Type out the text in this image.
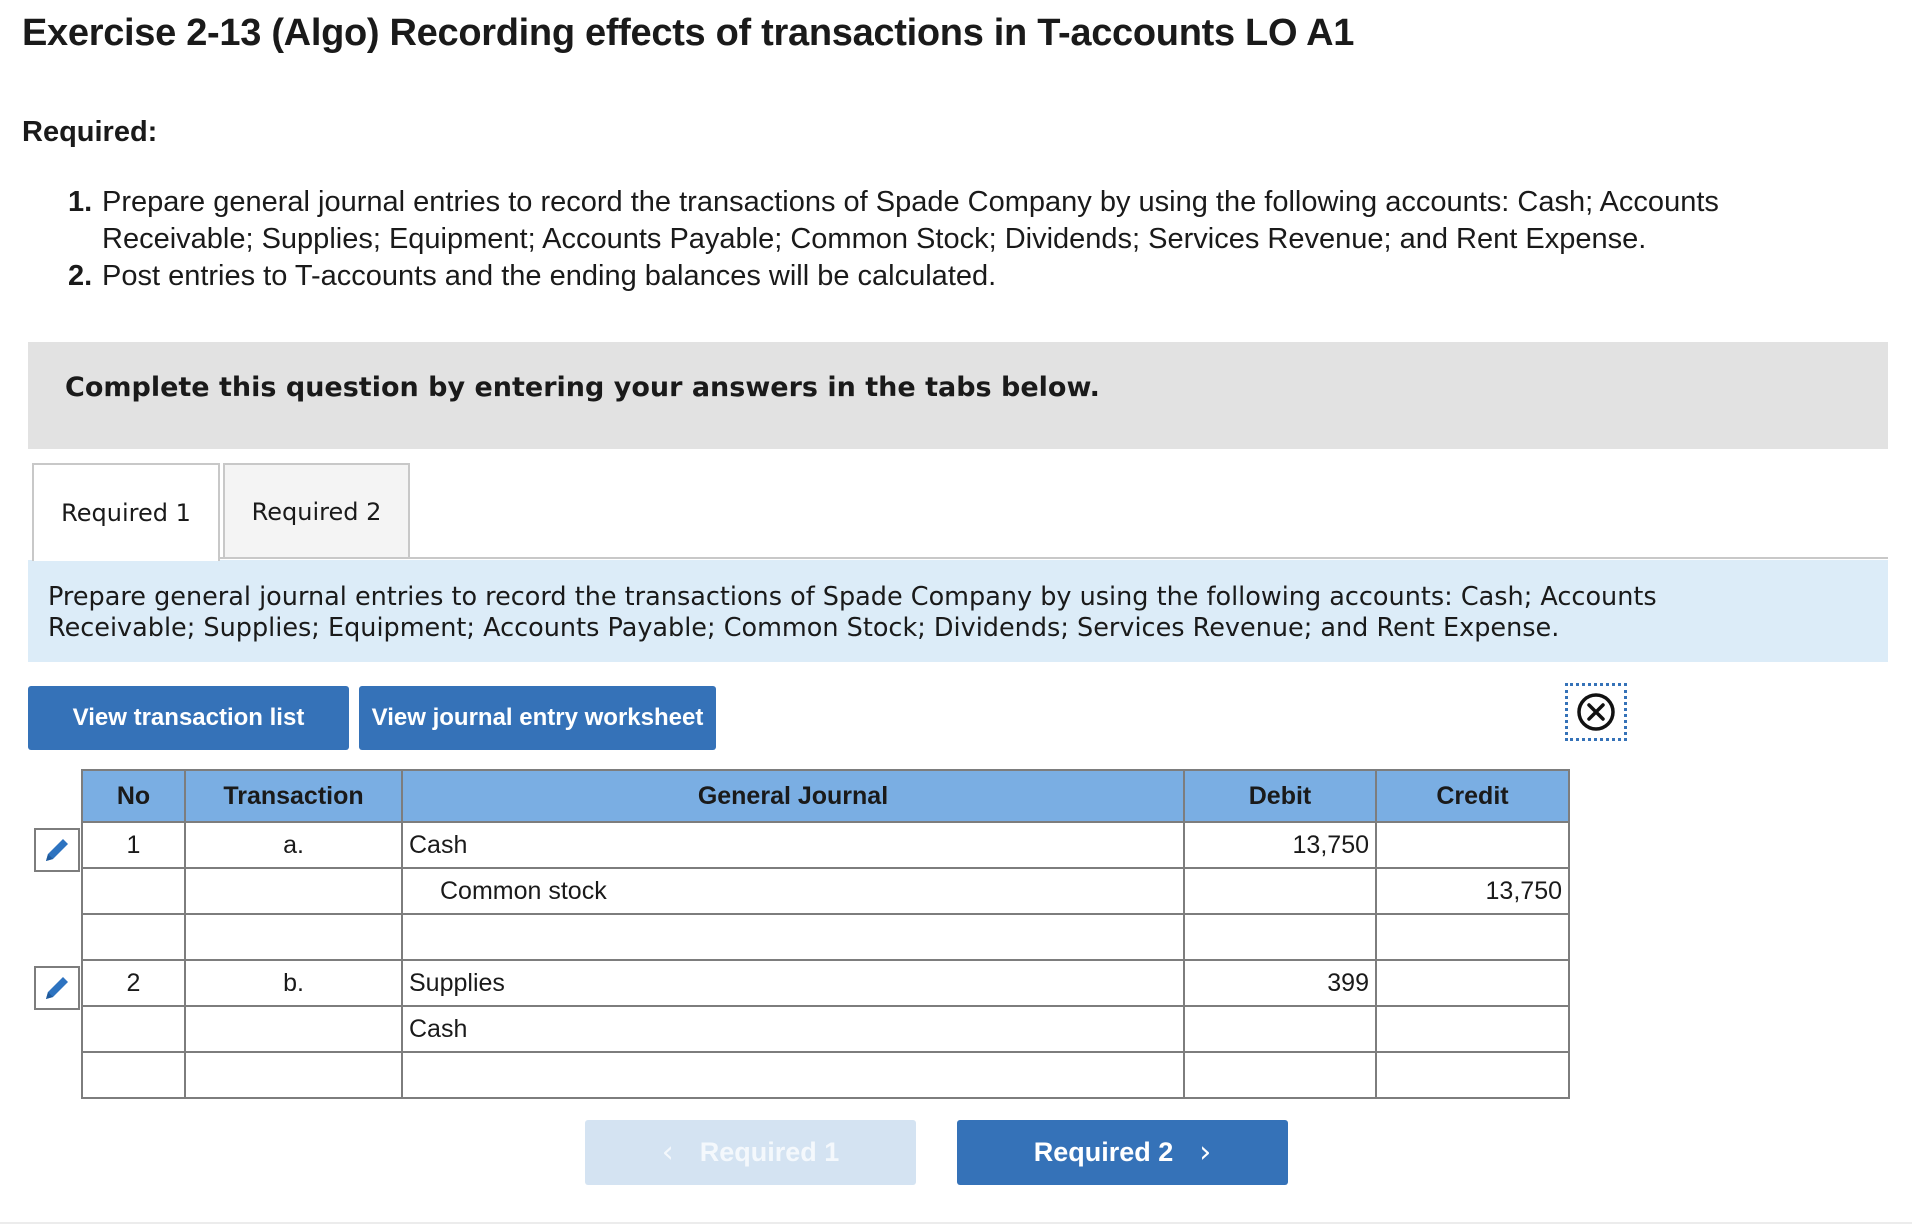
Exercise 2-13 (Algo) Recording effects of transactions in T-accounts LO A1
Required:
1. Prepare general journal entries to record the transactions of Spade Company by using the following accounts: Cash; Accounts Receivable; Supplies; Equipment; Accounts Payable; Common Stock; Dividends; Services Revenue; and Rent Expense.
2. Post entries to T-accounts and the ending balances will be calculated.
Complete this question by entering your answers in the tabs below.
Required 1	Required 2
Prepare general journal entries to record the transactions of Spade Company by using the following accounts: Cash; Accounts Receivable; Supplies; Equipment; Accounts Payable; Common Stock; Dividends; Services Revenue; and Rent Expense.
View transaction list	View journal entry worksheet
No	Transaction	General Journal	Debit	Credit
1	a.	Cash	13,750	
		Common stock		13,750

2	b.	Supplies	399	
		Cash		

‹ Required 1	Required 2 ›
